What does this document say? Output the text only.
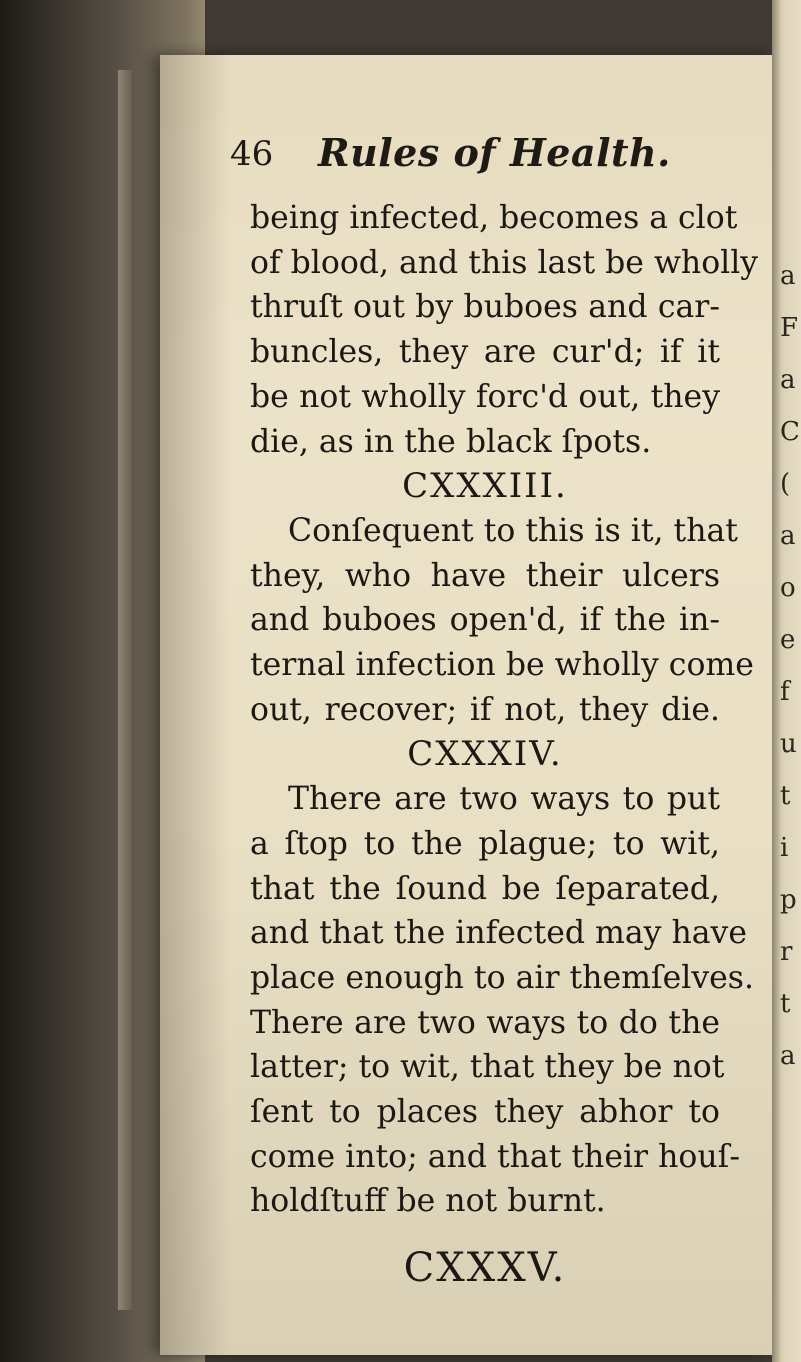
a
F
a
C
(
a
o
e
f
u
t
i
p
r
t
a
46 Rules of Health.
being infected, becomes a clot
of blood, and this last be wholly
thruſt out by buboes and car-
buncles, they are cur'd; if it
be not wholly forc'd out, they
die, as in the black ſpots.
CXXXIII.
Conſequent to this is it, that
they, who have their ulcers
and buboes open'd, if the in-
ternal infection be wholly come
out, recover; if not, they die.
CXXXIV.
There are two ways to put
a ſtop to the plague; to wit,
that the ſound be ſeparated,
and that the infected may have
place enough to air themſelves.
There are two ways to do the
latter; to wit, that they be not
ſent to places they abhor to
come into; and that their houſ-
holdſtuff be not burnt.
CXXXV.
